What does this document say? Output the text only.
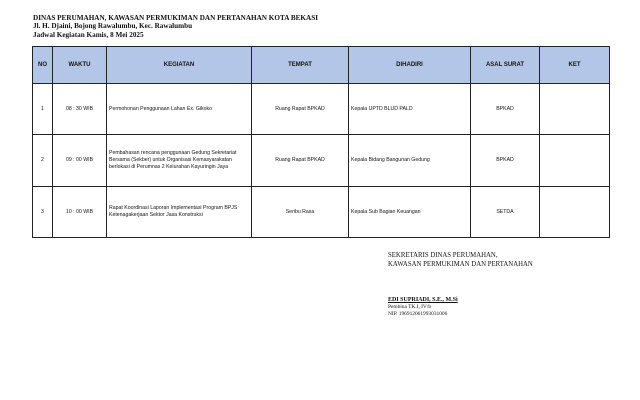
DINAS PERUMAHAN, KAWASAN PERMUKIMAN DAN PERTANAHAN KOTA BEKASI
Jl. H. Djaini, Bojong Rawalumbu, Kec. Rawalumbu
Jadwal Kegiatan Kamis, 8 Mei 2025
NO	WAKTU	KEGIATAN	TEMPAT	DIHADIRI	ASAL SURAT	KET
1	08 : 30 WIB	Permohonan Penggunaan Lahan Ex. Gikoko	Ruang Rapat BPKAD	Kepala UPTD BLUD PALD	BPKAD	
2	09 : 00 WIB	Pembahasan rencana penggunaan Gedung Sekretariat Bersama (Sekber) untuk Organisasi Kemasyarakatan berlokasi di Perumnas 2 Kelurahan Kayuringin Jaya	Ruang Rapat BPKAD	Kepala Bidang Bangunan Gedung	BPKAD	
3	10 : 00 WIB	Rapat Koordinasi Laporan Implementasi Program BPJS Ketenagakerjaan Sektor Jasa Konstruksi	Seribu Rasa	Kepala Sub Bagian Keuangan	SETDA	
SEKRETARIS DINAS PERUMAHAN,
KAWASAN PERMUKIMAN DAN PERTANAHAN
EDI SUPRIADI, S.E., M.Si
Pembina TK.I, IV/b
NIP. 196912061993031006
